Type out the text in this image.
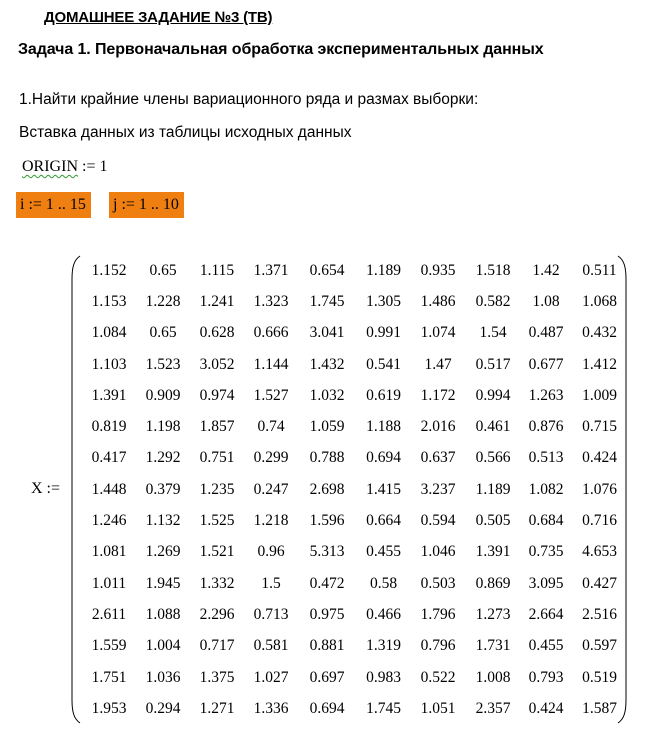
ДОМАШНЕЕ ЗАДАНИЕ №3 (ТВ)
Задача 1. Первоначальная обработка экспериментальных данных
1.Найти крайние члены вариационного ряда и размах выборки:
Вставка данных из таблицы исходных данных
ORIGIN := 1
i := 1 .. 15	j := 1 .. 10
X :=
1.152	0.65	1.115	1.371	0.654	1.189	0.935	1.518	1.42	0.511
1.153	1.228	1.241	1.323	1.745	1.305	1.486	0.582	1.08	1.068
1.084	0.65	0.628	0.666	3.041	0.991	1.074	1.54	0.487	0.432
1.103	1.523	3.052	1.144	1.432	0.541	1.47	0.517	0.677	1.412
1.391	0.909	0.974	1.527	1.032	0.619	1.172	0.994	1.263	1.009
0.819	1.198	1.857	0.74	1.059	1.188	2.016	0.461	0.876	0.715
0.417	1.292	0.751	0.299	0.788	0.694	0.637	0.566	0.513	0.424
1.448	0.379	1.235	0.247	2.698	1.415	3.237	1.189	1.082	1.076
1.246	1.132	1.525	1.218	1.596	0.664	0.594	0.505	0.684	0.716
1.081	1.269	1.521	0.96	5.313	0.455	1.046	1.391	0.735	4.653
1.011	1.945	1.332	1.5	0.472	0.58	0.503	0.869	3.095	0.427
2.611	1.088	2.296	0.713	0.975	0.466	1.796	1.273	2.664	2.516
1.559	1.004	0.717	0.581	0.881	1.319	0.796	1.731	0.455	0.597
1.751	1.036	1.375	1.027	0.697	0.983	0.522	1.008	0.793	0.519
1.953	0.294	1.271	1.336	0.694	1.745	1.051	2.357	0.424	1.587
